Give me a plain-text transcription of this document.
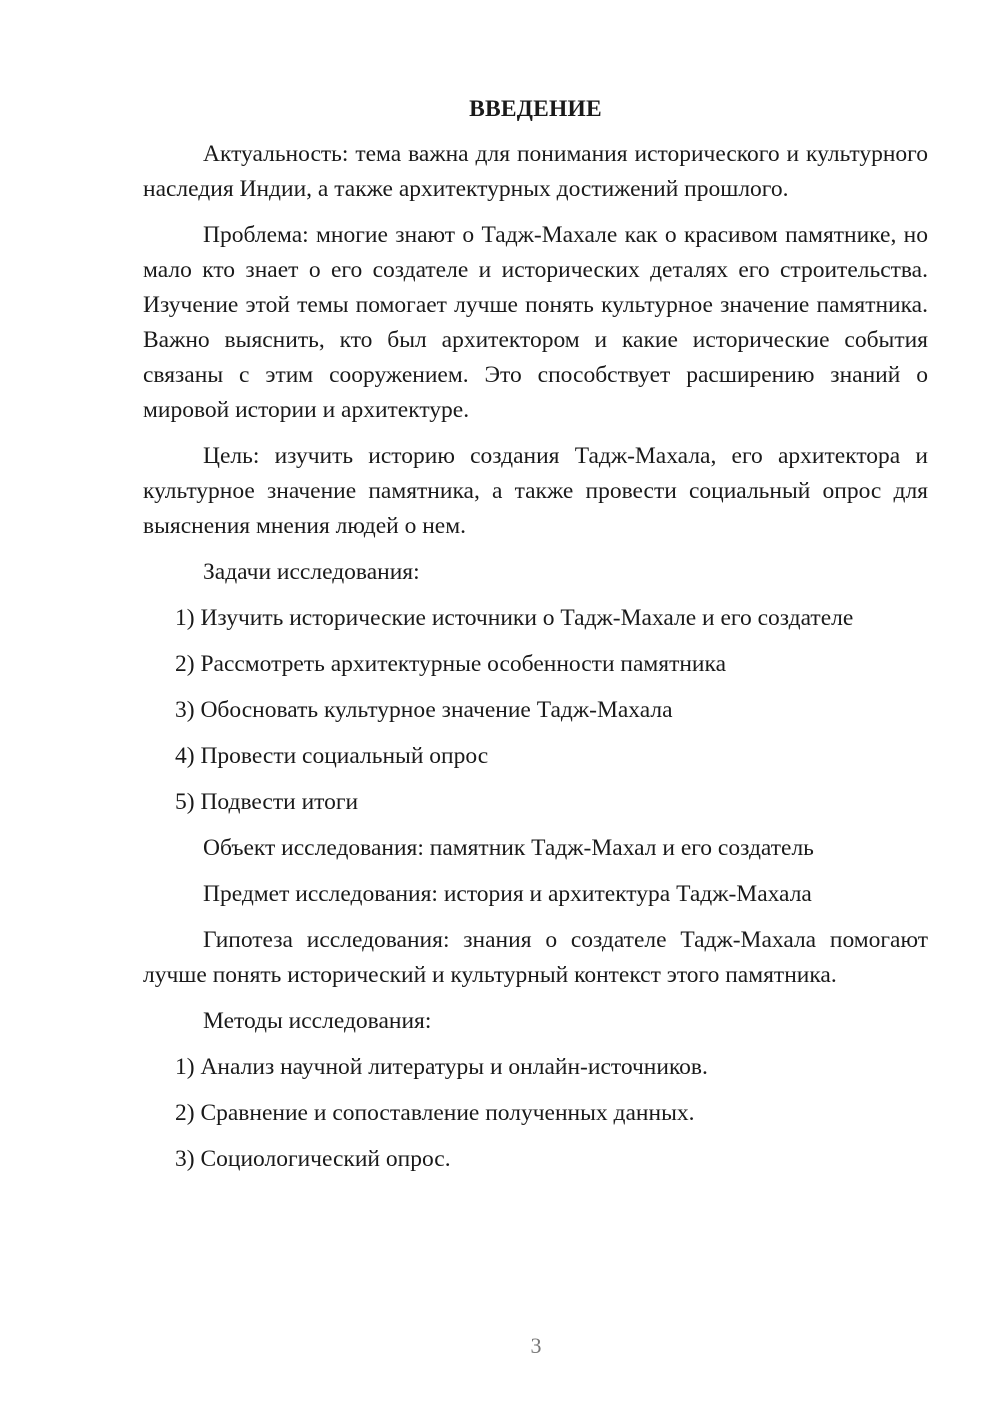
ВВЕДЕНИЕ
Актуальность: тема важна для понимания исторического и культурного наследия Индии, а также архитектурных достижений прошлого.
Проблема: многие знают о Тадж-Махале как о красивом памятнике, но мало кто знает о его создателе и исторических деталях его строительства. Изучение этой темы помогает лучше понять культурное значение памятника. Важно выяснить, кто был архитектором и какие исторические события связаны с этим сооружением. Это способствует расширению знаний о мировой истории и архитектуре.
Цель: изучить историю создания Тадж-Махала, его архитектора и культурное значение памятника, а также провести социальный опрос для выяснения мнения людей о нем.
Задачи исследования:
1) Изучить исторические источники о Тадж-Махале и его создателе
2) Рассмотреть архитектурные особенности памятника
3) Обосновать культурное значение Тадж-Махала
4) Провести социальный опрос
5) Подвести итоги
Объект исследования: памятник Тадж-Махал и его создатель
Предмет исследования: история и архитектура Тадж-Махала
Гипотеза исследования: знания о создателе Тадж-Махала помогают лучше понять исторический и культурный контекст этого памятника.
Методы исследования:
1) Анализ научной литературы и онлайн-источников.
2) Сравнение и сопоставление полученных данных.
3) Социологический опрос.
3
